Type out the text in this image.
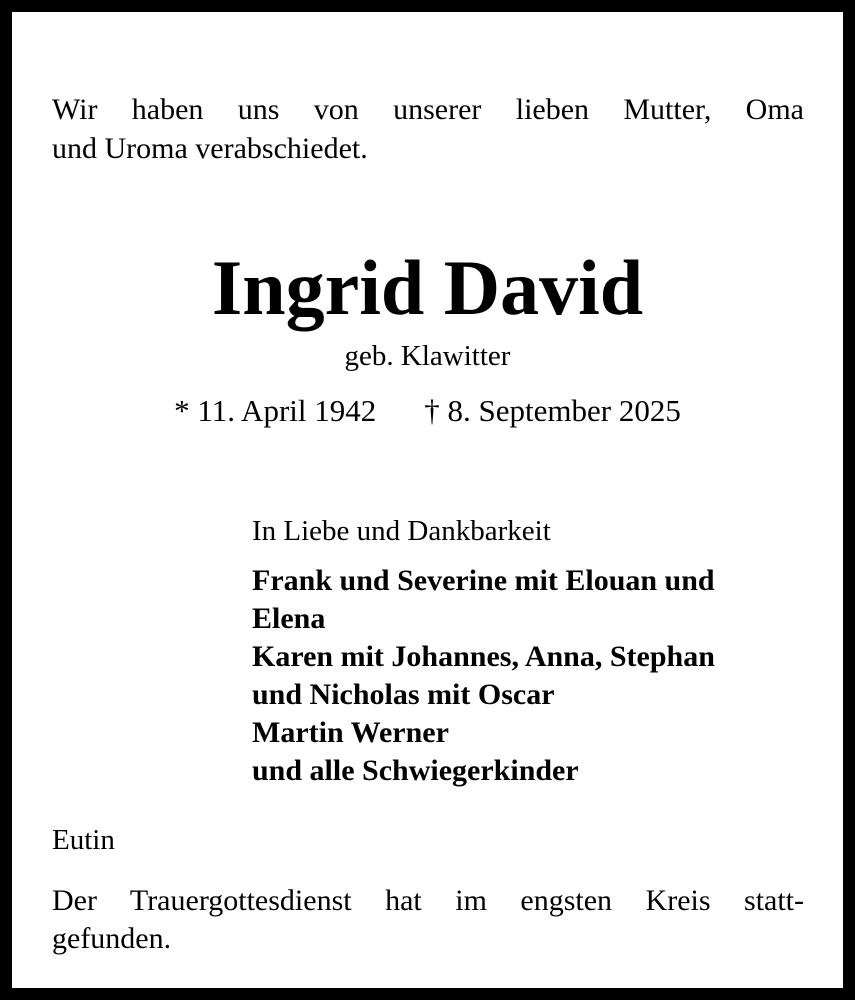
Wir haben uns von unserer lieben Mutter, Oma
und Uroma verabschiedet.
Ingrid David
geb. Klawitter
* 11. April 1942 † 8. September 2025
In Liebe und Dankbarkeit
Frank und Severine mit Elouan und
Elena
Karen mit Johannes, Anna, Stephan
und Nicholas mit Oscar
Martin Werner
und alle Schwiegerkinder
Eutin
Der Trauergottesdienst hat im engsten Kreis statt-
gefunden.
